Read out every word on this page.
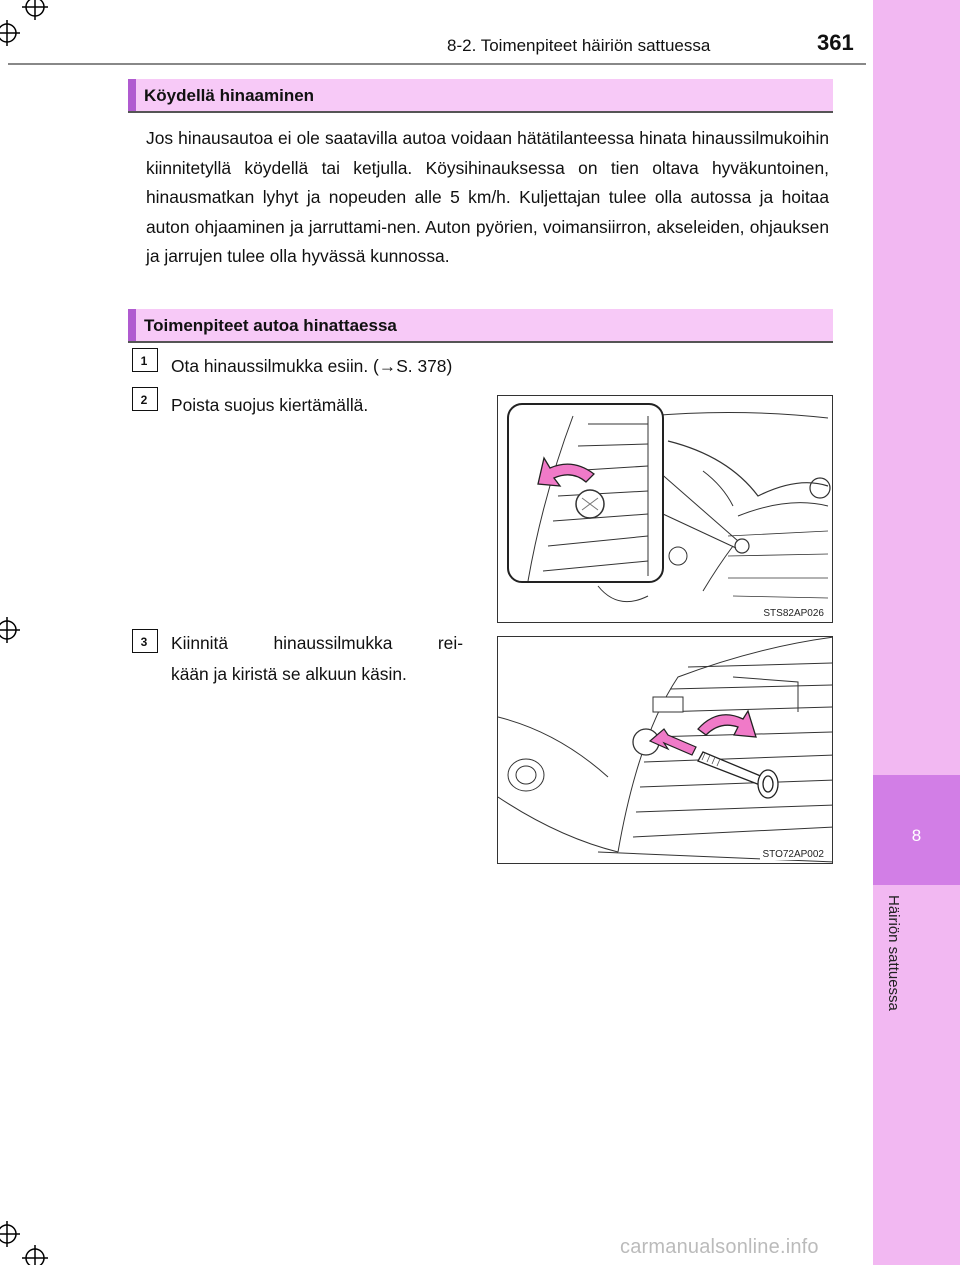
8
Häiriön sattuessa
8-2. Toimenpiteet häiriön sattuessa	361
Köydellä hinaaminen
Jos hinausautoa ei ole saatavilla autoa voidaan hätätilanteessa hinata hinaussilmukoihin kiinnitetyllä köydellä tai ketjulla. Köysihinauksessa on tien oltava hyväkuntoinen, hinausmatkan lyhyt ja nopeuden alle 5 km/h. Kuljettajan tulee olla autossa ja hoitaa auton ohjaaminen ja jarruttami-nen. Auton pyörien, voimansiirron, akseleiden, ohjauksen ja jarrujen tulee olla hyvässä kunnossa.
Toimenpiteet autoa hinattaessa
1	Ota hinaussilmukka esiin. (→S. 378)
2	Poista suojus kiertämällä.
STS82AP026
3	Kiinnitä hinaussilmukka rei-
kään ja kiristä se alkuun käsin.
STO72AP002
carmanualsonline.info
